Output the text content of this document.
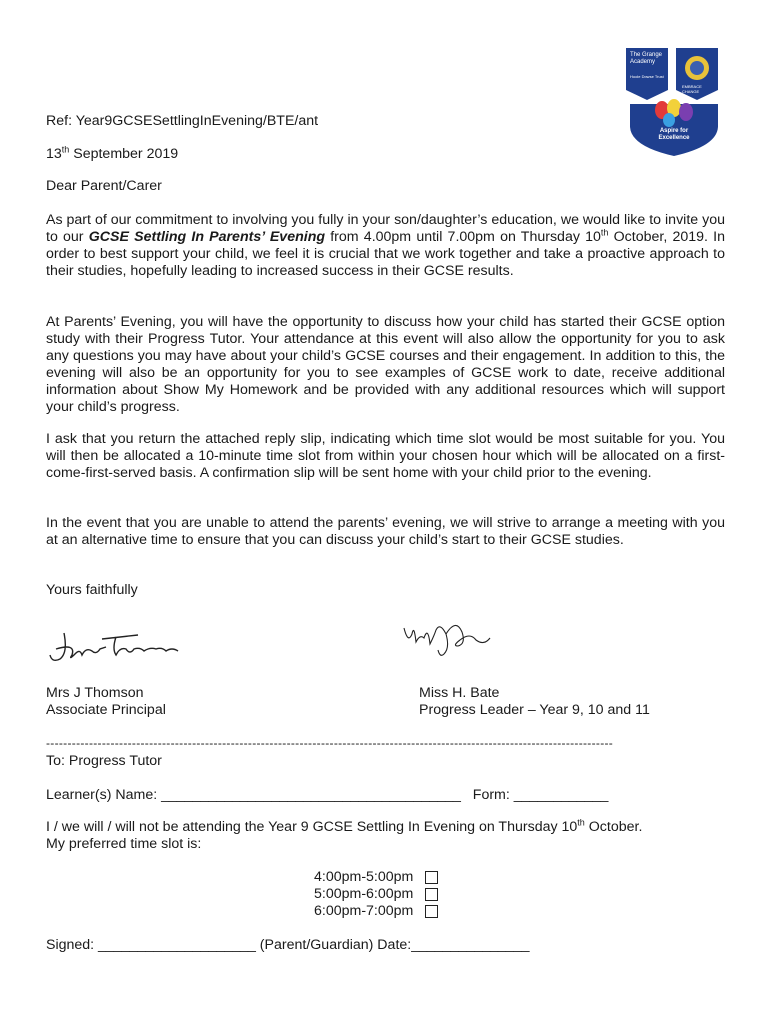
The Grange Academy
Hoole Dowse Trust
EMBRACE CHANGE
Aspire for Excellence
Ref: Year9GCSESettlingInEvening/BTE/ant
13th September 2019
Dear Parent/Carer
As part of our commitment to involving you fully in your son/daughter’s education, we would like to invite you to our GCSE Settling In Parents’ Evening from 4.00pm until 7.00pm on Thursday 10th October, 2019. In order to best support your child, we feel it is crucial that we work together and take a proactive approach to their studies, hopefully leading to increased success in their GCSE results.
At Parents’ Evening, you will have the opportunity to discuss how your child has started their GCSE option study with their Progress Tutor. Your attendance at this event will also allow the opportunity for you to ask any questions you may have about your child’s GCSE courses and their engagement. In addition to this, the evening will also be an opportunity for you to see examples of GCSE work to date, receive additional information about Show My Homework and be provided with any additional resources which will support your child’s progress.
I ask that you return the attached reply slip, indicating which time slot would be most suitable for you. You will then be allocated a 10-minute time slot from within your chosen hour which will be allocated on a first-come-first-served basis. A confirmation slip will be sent home with your child prior to the evening.
In the event that you are unable to attend the parents’ evening, we will strive to arrange a meeting with you at an alternative time to ensure that you can discuss your child’s start to their GCSE studies.
Yours faithfully
Jane Thomson
Mrs J Thomson
Associate Principal
Miss H. Bate
Progress Leader – Year 9, 10 and 11
------------------------------------------------------------------------------------------------------------------------------------
To: Progress Tutor
Learner(s) Name: ______________________________________   Form: ____________
I / we will / will not be attending the Year 9 GCSE Settling In Evening on Thursday 10th October.
My preferred time slot is:
4:00pm-5:00pm
5:00pm-6:00pm
6:00pm-7:00pm
Signed: ____________________ (Parent/Guardian) Date:_______________
